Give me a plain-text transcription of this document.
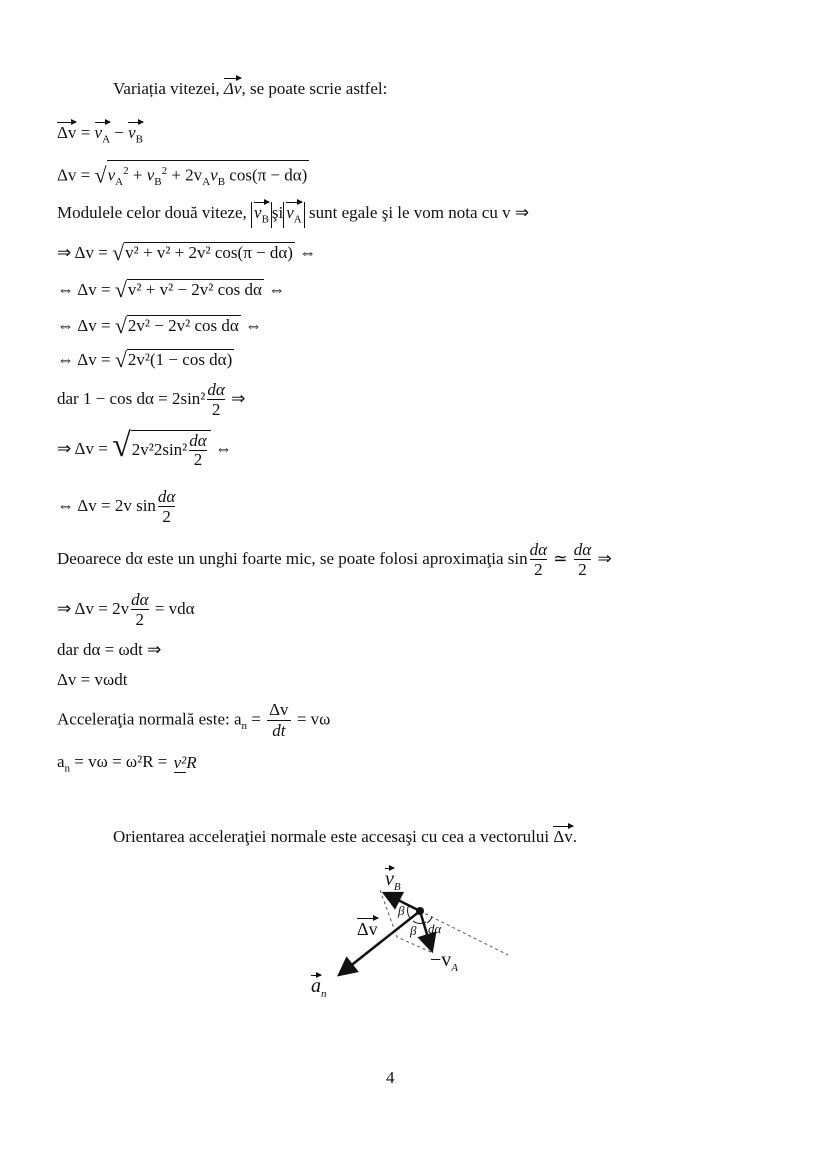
Variația vitezei, Δv, se poate scrie astfel:
$\Delta v = v_A - v_B$
$\Delta v = √v_A^2 + v_B^2 + 2v_Av_B$ cos(π − dα)
Modulele celor două viteze, $v_B$ şi $v_A$ sunt egale şi le vom nota cu v ⇒
⇒ Δv = √v² + v² + 2v² cos(π − dα) ⇔
⇔ Δv = √v² + v² − 2v² cos dα ⇔
⇔ Δv = √2v² − 2v² cos dα ⇔
⇔ Δv = √2v²(1 − cos dα)
dar $1 - \cos d\alpha = 2\sin^2 \frac{d\alpha}{2}$ ⇒
⇒ $\Delta v = √2v^22\sin^2 \frac{d\alpha}{2}$ ⇔
⇔ Δv = 2v $\sin \frac{d\alpha}{2}$
Deoarece dα este un unghi foarte mic, se poate folosi aproximaţia $\sin \frac{d\alpha}{2}$ ≃ $\frac{d\alpha}{2}$ ⇒
⇒ $\Delta v = 2v \frac{d\alpha}{2} = vd\alpha$
dar dα = ωdt ⇒
Δv = vωdt
Acceleraţia normală este: $a_n = \frac{\Delta v}{dt} = v\omega$
$a_n = v\omega = \omega^2R = v^2R$
Orientarea acceleraţiei normale este accesaşi cu cea a vectorului Δv.
$v_B$
Δv
β
β dα
$-v_A$
$a_n$
4
